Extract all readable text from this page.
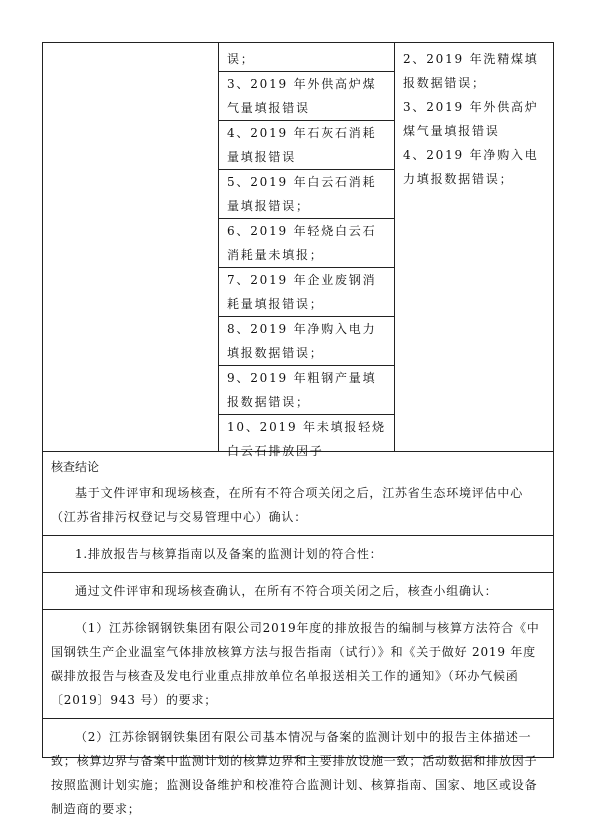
误；
3、2019 年外供高炉煤气量填报错误
4、2019 年石灰石消耗量填报错误
5、2019 年白云石消耗量填报错误；
6、2019 年轻烧白云石消耗量未填报；
7、2019 年企业废钢消耗量填报错误；
8、2019 年净购入电力填报数据错误；
9、2019 年粗钢产量填报数据错误；
10、2019 年未填报轻烧白云石排放因子
2、2019 年洗精煤填报数据错误；
3、2019 年外供高炉煤气量填报错误
4、2019 年净购入电力填报数据错误；
核查结论

基于文件评审和现场核查，在所有不符合项关闭之后，江苏省生态环境评估中心（江苏省排污权登记与交易管理中心）确认：

1.排放报告与核算指南以及备案的监测计划的符合性：

通过文件评审和现场核查确认，在所有不符合项关闭之后，核查小组确认：

（1）江苏徐钢钢铁集团有限公司2019年度的排放报告的编制与核算方法符合《中国钢铁生产企业温室气体排放核算方法与报告指南（试行）》和《关于做好 2019 年度碳排放报告与核查及发电行业重点排放单位名单报送相关工作的通知》（环办气候函〔2019〕943 号）的要求；

（2）江苏徐钢钢铁集团有限公司基本情况与备案的监测计划中的报告主体描述一致；核算边界与备案中监测计划的核算边界和主要排放设施一致；活动数据和排放因子按照监测计划实施；监测设备维护和校准符合监测计划、核算指南、国家、地区或设备制造商的要求；
